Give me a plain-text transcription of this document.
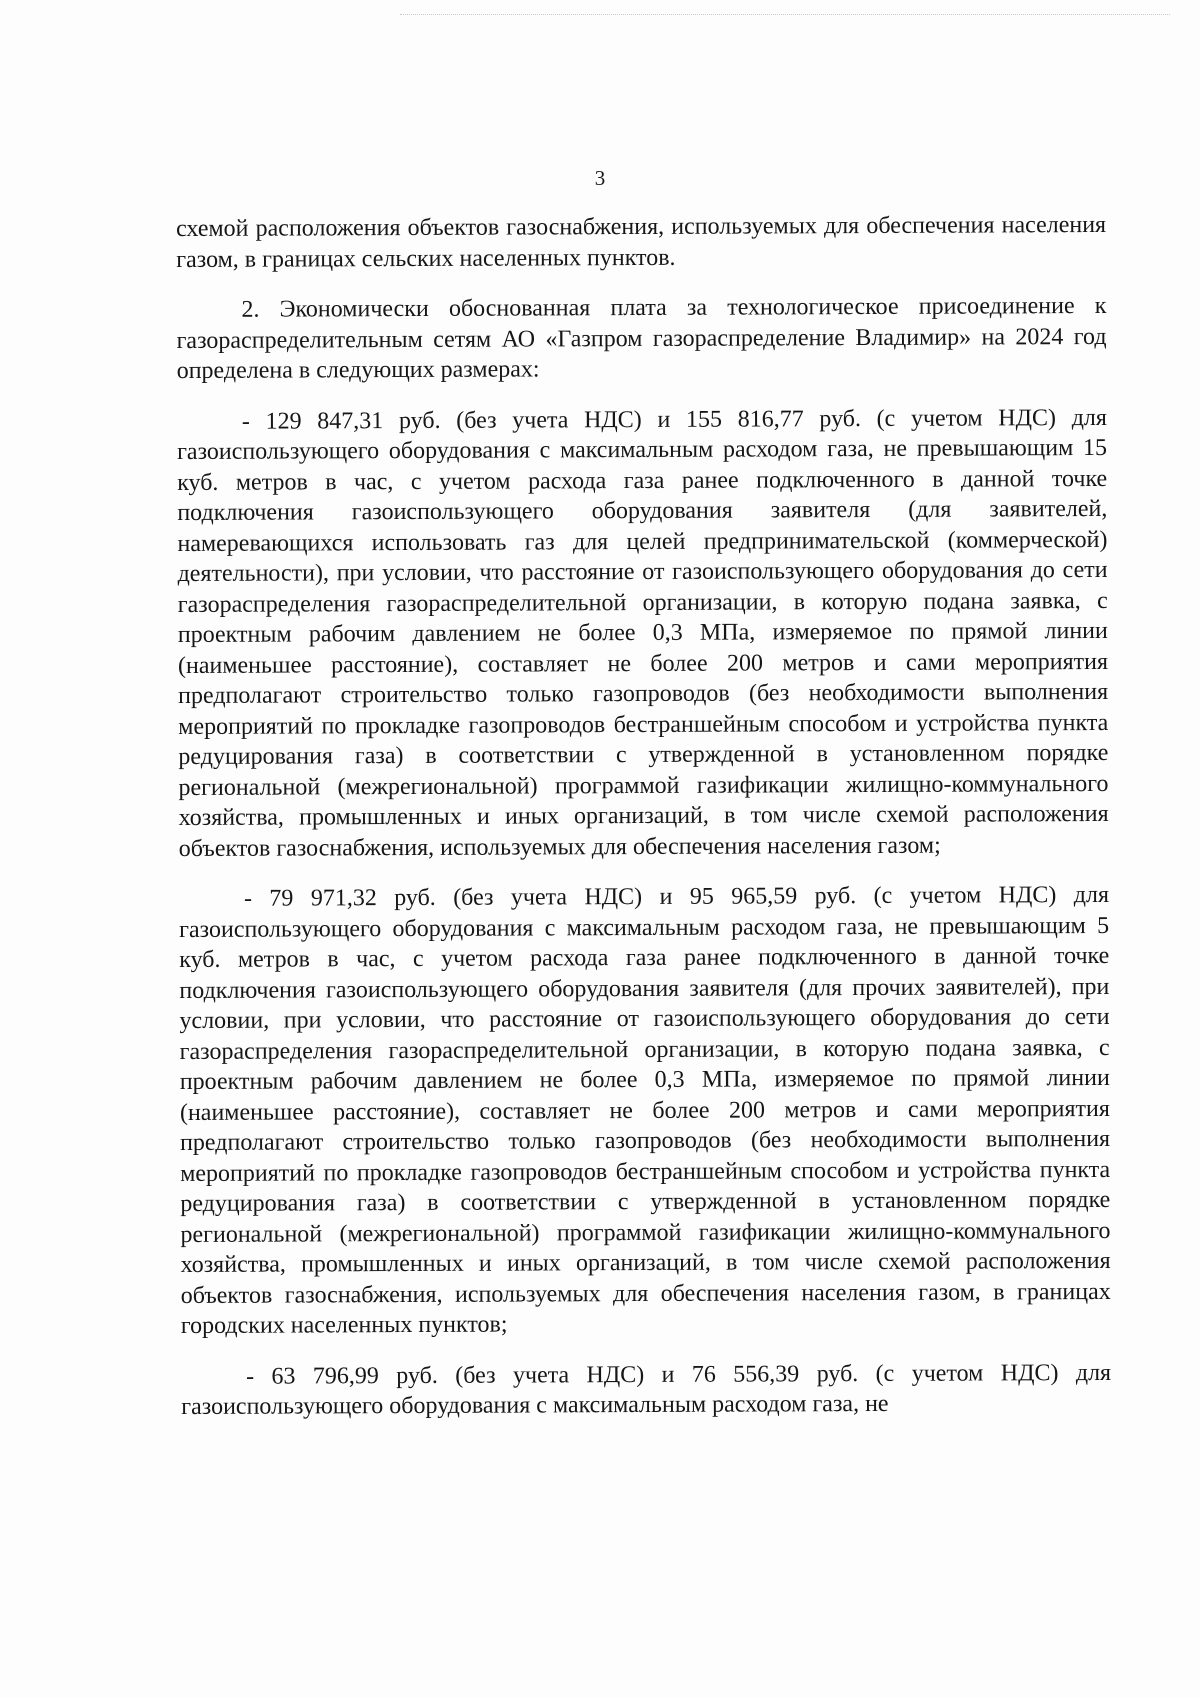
3

схемой расположения объектов газоснабжения, используемых для обеспечения населения газом, в границах сельских населенных пунктов.

2. Экономически обоснованная плата за технологическое присоединение к газораспределительным сетям АО «Газпром газораспределение Владимир» на 2024 год определена в следующих размерах:

- 129 847,31 руб. (без учета НДС) и 155 816,77 руб. (с учетом НДС) для газоиспользующего оборудования с максимальным расходом газа, не превышающим 15 куб. метров в час, с учетом расхода газа ранее подключенного в данной точке подключения газоиспользующего оборудования заявителя (для заявителей, намеревающихся использовать газ для целей предпринимательской (коммерческой) деятельности), при условии, что расстояние от газоиспользующего оборудования до сети газораспределения газораспределительной организации, в которую подана заявка, с проектным рабочим давлением не более 0,3 МПа, измеряемое по прямой линии (наименьшее расстояние), составляет не более 200 метров и сами мероприятия предполагают строительство только газопроводов (без необходимости выполнения мероприятий по прокладке газопроводов бестраншейным способом и устройства пункта редуцирования газа) в соответствии с утвержденной в установленном порядке региональной (межрегиональной) программой газификации жилищно-коммунального хозяйства, промышленных и иных организаций, в том числе схемой расположения объектов газоснабжения, используемых для обеспечения населения газом;

- 79 971,32 руб. (без учета НДС) и 95 965,59 руб. (с учетом НДС) для газоиспользующего оборудования с максимальным расходом газа, не превышающим 5 куб. метров в час, с учетом расхода газа ранее подключенного в данной точке подключения газоиспользующего оборудования заявителя (для прочих заявителей), при условии, при условии, что расстояние от газоиспользующего оборудования до сети газораспределения газораспределительной организации, в которую подана заявка, с проектным рабочим давлением не более 0,3 МПа, измеряемое по прямой линии (наименьшее расстояние), составляет не более 200 метров и сами мероприятия предполагают строительство только газопроводов (без необходимости выполнения мероприятий по прокладке газопроводов бестраншейным способом и устройства пункта редуцирования газа) в соответствии с утвержденной в установленном порядке региональной (межрегиональной) программой газификации жилищно-коммунального хозяйства, промышленных и иных организаций, в том числе схемой расположения объектов газоснабжения, используемых для обеспечения населения газом, в границах городских населенных пунктов;

- 63 796,99 руб. (без учета НДС) и 76 556,39 руб. (с учетом НДС) для газоиспользующего оборудования с максимальным расходом газа, не
